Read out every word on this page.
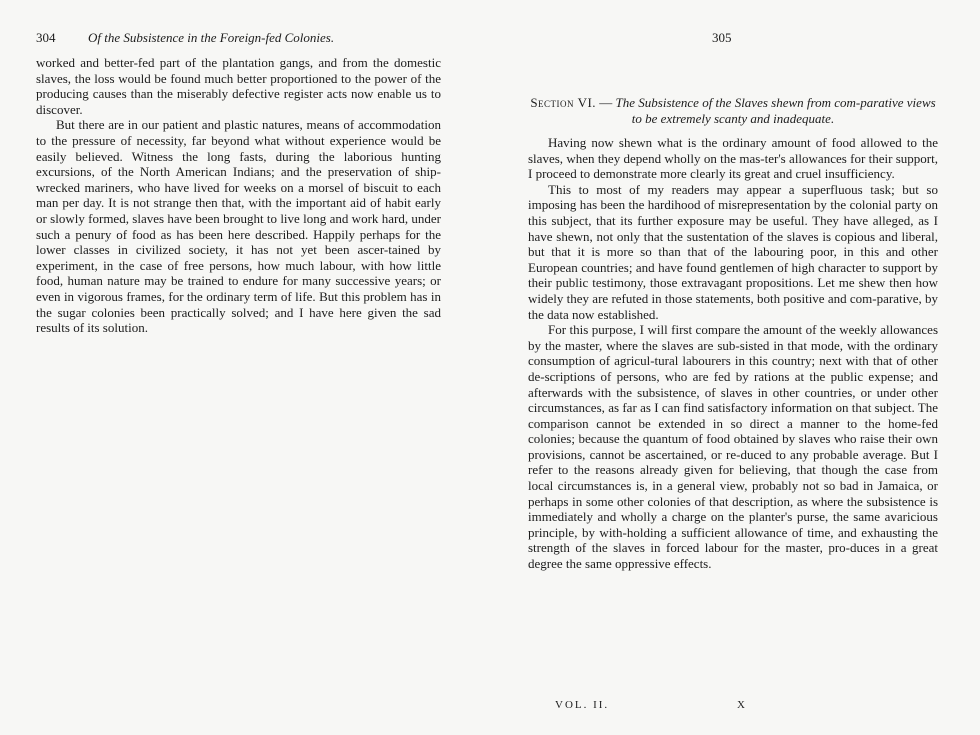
304	Of the Subsistence in the Foreign-fed Colonies.

worked and better-fed part of the plantation gangs, and from the domestic slaves, the loss would be found much better proportioned to the power of the producing causes than the miserably defective register acts now enable us to discover.

But there are in our patient and plastic natures, means of accommodation to the pressure of necessity, far beyond what without experience would be easily believed. Witness the long fasts, during the laborious hunting excursions, of the North American Indians; and the preservation of ship-wrecked mariners, who have lived for weeks on a morsel of biscuit to each man per day. It is not strange then that, with the important aid of habit early or slowly formed, slaves have been brought to live long and work hard, under such a penury of food as has been here described. Happily perhaps for the lower classes in civilized society, it has not yet been ascer-tained by experiment, in the case of free persons, how much labour, with how little food, human nature may be trained to endure for many successive years; or even in vigorous frames, for the ordinary term of life. But this problem has in the sugar colonies been practically solved; and I have here given the sad results of its solution.

305
Section VI. — The Subsistence of the Slaves shewn from com-parative views to be extremely scanty and inadequate.

Having now shewn what is the ordinary amount of food allowed to the slaves, when they depend wholly on the mas-ter's allowances for their support, I proceed to demonstrate more clearly its great and cruel insufficiency.

This to most of my readers may appear a superfluous task; but so imposing has been the hardihood of misrepresentation by the colonial party on this subject, that its further exposure may be useful. They have alleged, as I have shewn, not only that the sustentation of the slaves is copious and liberal, but that it is more so than that of the labouring poor, in this and other European countries; and have found gentlemen of high character to support by their public testimony, those extravagant propositions. Let me shew then how widely they are refuted in those statements, both positive and com-parative, by the data now established.

For this purpose, I will first compare the amount of the weekly allowances by the master, where the slaves are sub-sisted in that mode, with the ordinary consumption of agricul-tural labourers in this country; next with that of other de-scriptions of persons, who are fed by rations at the public expense; and afterwards with the subsistence, of slaves in other countries, or under other circumstances, as far as I can find satisfactory information on that subject. The comparison cannot be extended in so direct a manner to the home-fed colonies; because the quantum of food obtained by slaves who raise their own provisions, cannot be ascertained, or re-duced to any probable average. But I refer to the reasons already given for believing, that though the case from local circumstances is, in a general view, probably not so bad in Jamaica, or perhaps in some other colonies of that description, as where the subsistence is immediately and wholly a charge on the planter's purse, the same avaricious principle, by with-holding a sufficient allowance of time, and exhausting the strength of the slaves in forced labour for the master, pro-duces in a great degree the same oppressive effects.

VOL. II.	X
